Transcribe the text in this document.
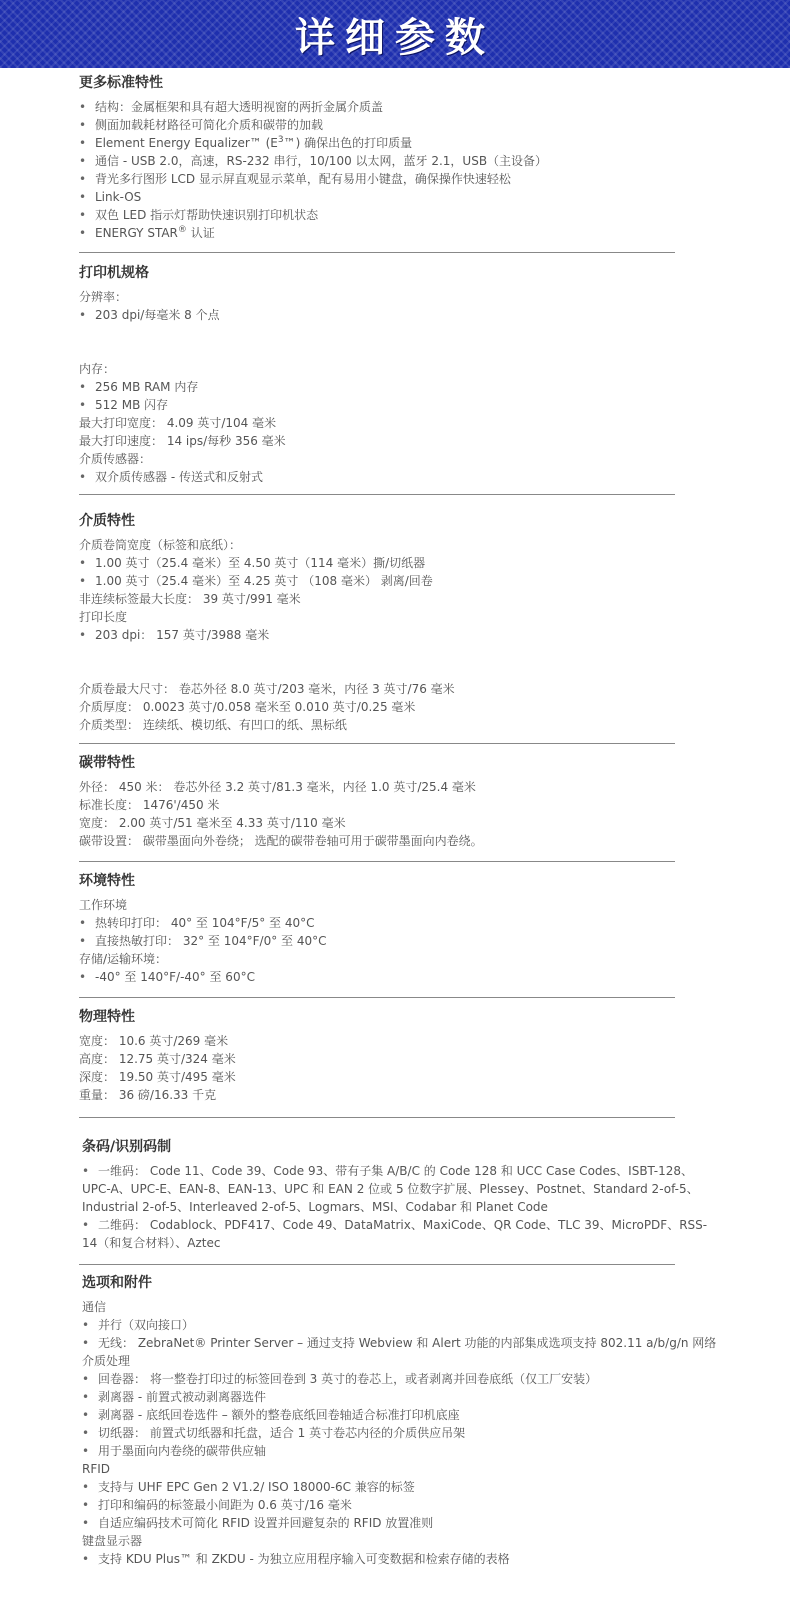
详细参数
更多标准特性
• 结构：金属框架和具有超大透明视窗的两折金属介质盖
• 侧面加载耗材路径可简化介质和碳带的加载
• Element Energy Equalizer™ $(E^3™)$ 确保出色的打印质量
• 通信 - USB 2.0，高速，RS-232 串行，10/100 以太网，蓝牙 2.1，USB（主设备）
• 背光多行图形 LCD 显示屏直观显示菜单，配有易用小键盘，确保操作快速轻松
• Link-OS
• 双色 LED 指示灯帮助快速识别打印机状态
• ENERGY STAR® 认证
打印机规格
分辨率：
• 203 dpi/每毫米 8 个点
内存：
• 256 MB RAM 内存
• 512 MB 闪存
最大打印宽度： 4.09 英寸/104 毫米
最大打印速度： 14 ips/每秒 356 毫米
介质传感器：
• 双介质传感器 - 传送式和反射式
介质特性
介质卷筒宽度（标签和底纸）：
• 1.00 英寸（25.4 毫米）至 4.50 英寸（114 毫米）撕/切纸器
• 1.00 英寸（25.4 毫米）至 4.25 英寸 （108 毫米） 剥离/回卷
非连续标签最大长度： 39 英寸/991 毫米
打印长度
• 203 dpi： 157 英寸/3988 毫米
介质卷最大尺寸： 卷芯外径 8.0 英寸/203 毫米，内径 3 英寸/76 毫米
介质厚度： 0.0023 英寸/0.058 毫米至 0.010 英寸/0.25 毫米
介质类型： 连续纸、模切纸、有凹口的纸、黑标纸
碳带特性
外径： 450 米： 卷芯外径 3.2 英寸/81.3 毫米，内径 1.0 英寸/25.4 毫米
标准长度： 1476'/450 米
宽度： 2.00 英寸/51 毫米至 4.33 英寸/110 毫米
碳带设置： 碳带墨面向外卷绕； 选配的碳带卷轴可用于碳带墨面向内卷绕。
环境特性
工作环境
• 热转印打印： 40° 至 104°F/5° 至 40°C
• 直接热敏打印： 32° 至 104°F/0° 至 40°C
存储/运输环境：
• -40° 至 140°F/-40° 至 60°C
物理特性
宽度： 10.6 英寸/269 毫米
高度： 12.75 英寸/324 毫米
深度： 19.50 英寸/495 毫米
重量： 36 磅/16.33 千克
条码/识别码制
• 一维码： Code 11、Code 39、Code 93、带有子集 A/B/C 的 Code 128 和 UCC Case Codes、ISBT-128、
UPC-A、UPC-E、EAN-8、EAN-13、UPC 和 EAN 2 位或 5 位数字扩展、Plessey、Postnet、Standard 2-of-5、
Industrial 2-of-5、Interleaved 2-of-5、Logmars、MSI、Codabar 和 Planet Code
• 二维码： Codablock、PDF417、Code 49、DataMatrix、MaxiCode、QR Code、TLC 39、MicroPDF、RSS-
14（和复合材料）、Aztec
选项和附件
通信
• 并行（双向接口）
• 无线： ZebraNet® Printer Server – 通过支持 Webview 和 Alert 功能的内部集成选项支持 802.11 a/b/g/n 网络
介质处理
• 回卷器： 将一整卷打印过的标签回卷到 3 英寸的卷芯上，或者剥离并回卷底纸（仅工厂安装）
• 剥离器 - 前置式被动剥离器选件
• 剥离器 - 底纸回卷选件 – 额外的整卷底纸回卷轴适合标准打印机底座
• 切纸器： 前置式切纸器和托盘，适合 1 英寸卷芯内径的介质供应吊架
• 用于墨面向内卷绕的碳带供应轴
RFID
• 支持与 UHF EPC Gen 2 V1.2/ ISO 18000-6C 兼容的标签
• 打印和编码的标签最小间距为 0.6 英寸/16 毫米
• 自适应编码技术可简化 RFID 设置并回避复杂的 RFID 放置准则
键盘显示器
• 支持 KDU Plus™ 和 ZKDU - 为独立应用程序输入可变数据和检索存储的表格
